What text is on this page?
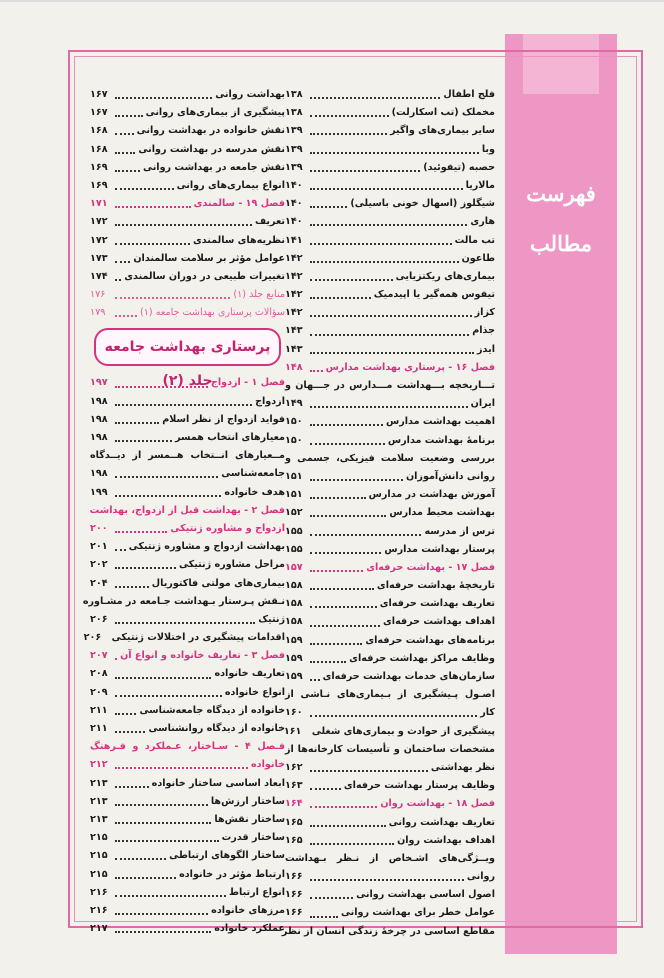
فهرست مطالب
فلج اطفال
۱۳۸
مخملک (تب اسکارلت)
۱۳۸
سایر بیماری‌های واگیر
۱۳۹
وبا
۱۳۹
حصبه (تیفوئید)
۱۳۹
مالاریا
۱۴۰
شیگلوز (اسهال خونی باسیلی)
۱۴۰
هاری
۱۴۰
تب مالت
۱۴۱
طاعون
۱۴۲
بیماری‌های ریکتزیایی
۱۴۲
تیفوس همه‌گیر یا اپیدمیک
۱۴۲
کزاز
۱۴۲
جذام
۱۴۳
ایدز
۱۴۳
فصل ۱۶ - پرستاری بهداشت مدارس
۱۴۸
تـــاریخچه بـــهداشت مـــدارس در جـــهان و
ایران
۱۴۹
اهمیت بهداشت مدارس
۱۵۰
برنامهٔ بهداشت مدارس
۱۵۰
بررسی وضعیت سلامت فیزیکی، جسمی و
روانی دانش‌آموزان
۱۵۱
آموزش بهداشت در مدارس
۱۵۱
بهداشت محیط مدارس
۱۵۲
ترس از مدرسه
۱۵۵
پرستار بهداشت مدارس
۱۵۵
فصل ۱۷ - بهداشت حرفه‌ای
۱۵۷
تاریخچهٔ بهداشت حرفه‌ای
۱۵۸
تعاریف بهداشت حرفه‌ای
۱۵۸
اهداف بهداشت حرفه‌ای
۱۵۸
برنامه‌های بهداشت حرفه‌ای
۱۵۹
وظایف مراکز بهداشت حرفه‌ای
۱۵۹
سازمان‌های خدمات بهداشت حرفه‌ای
۱۵۹
اصـول پـیشگیری از بـیماری‌های نـاشی از
کار
۱۶۰
پیشگیری از حوادث و بیماری‌های شغلی
۱۶۱
مشخصات ساختمان و تأسیسات کارخانه‌ها از
نظر بهداشتی
۱۶۲
وظایف پرستار بهداشت حرفه‌ای
۱۶۳
فصل ۱۸ - بهداشت روان
۱۶۴
تعاریف بهداشت روانی
۱۶۵
اهداف بهداشت روان
۱۶۵
ویــژگی‌های اشـخاص از نـظر بـهداشت
روانی
۱۶۶
اصول اساسی بهداشت روانی
۱۶۶
عوامل خطر برای بهداشت روانی
۱۶۶
مقاطع اساسی در چرخهٔ زندگی انسان از نظر
بهداشت روانی
۱۶۷
پیشگیری از بیماری‌های روانی
۱۶۷
نقش خانواده در بهداشت روانی
۱۶۸
نقش مدرسه در بهداشت روانی
۱۶۸
نقش جامعه در بهداشت روانی
۱۶۹
انواع بیماری‌های روانی
۱۶۹
فصل ۱۹ - سالمندی
۱۷۱
تعریف
۱۷۲
نظریه‌های سالمندی
۱۷۲
عوامل مؤثر بر سلامت سالمندان
۱۷۳
تغییرات طبیعی در دوران سالمندی
۱۷۴
منابع جلد (۱)
۱۷۶
سؤالات پرستاری بهداشت جامعه (۱)
۱۷۹
پرستاری بهداشت جامعه جلد (۲)
فصل ۱ - ازدواج
۱۹۷
ازدواج
۱۹۸
فواید ازدواج از نظر اسلام
۱۹۸
معیارهای انتخاب همسر
۱۹۸
مــعیارهای انــتخاب هــمسر از دیــدگاه
جامعه‌شناسی
۱۹۸
هدف خانواده
۱۹۹
فصل ۲ - بهداشت قبل از ازدواج، بهداشت
ازدواج و مشاوره ژنتیکی
۲۰۰
بهداشت ازدواج و مشاوره ژنتیکی
۲۰۱
مراحل مشاوره ژنتیکی
۲۰۲
بیماری‌های مولتی فاکتوریال
۲۰۴
نـقش پـرستار بـهداشت جـامعه در مشـاوره
ژنتیک
۲۰۶
اقدامات پیشگیری در اختلالات ژنتیکی
۲۰۶
فصل ۳ - تعاریف خانواده و انواع آن
۲۰۷
تعاریف خانواده
۲۰۸
انواع خانواده
۲۰۹
خانواده از دیدگاه جامعه‌شناسی
۲۱۱
خانواده از دیدگاه روانشناسی
۲۱۱
فـصل ۴ - سـاختار، عـملکرد و فـرهنگ
خانواده
۲۱۲
ابعاد اساسی ساختار خانواده
۲۱۳
ساختار ارزش‌ها
۲۱۳
ساختار نقش‌ها
۲۱۳
ساختار قدرت
۲۱۵
ساختار الگوهای ارتباطی
۲۱۵
ارتباط مؤثر در خانواده
۲۱۵
انواع ارتباط
۲۱۶
مرزهای خانواده
۲۱۶
عملکرد خانواده
۲۱۷
